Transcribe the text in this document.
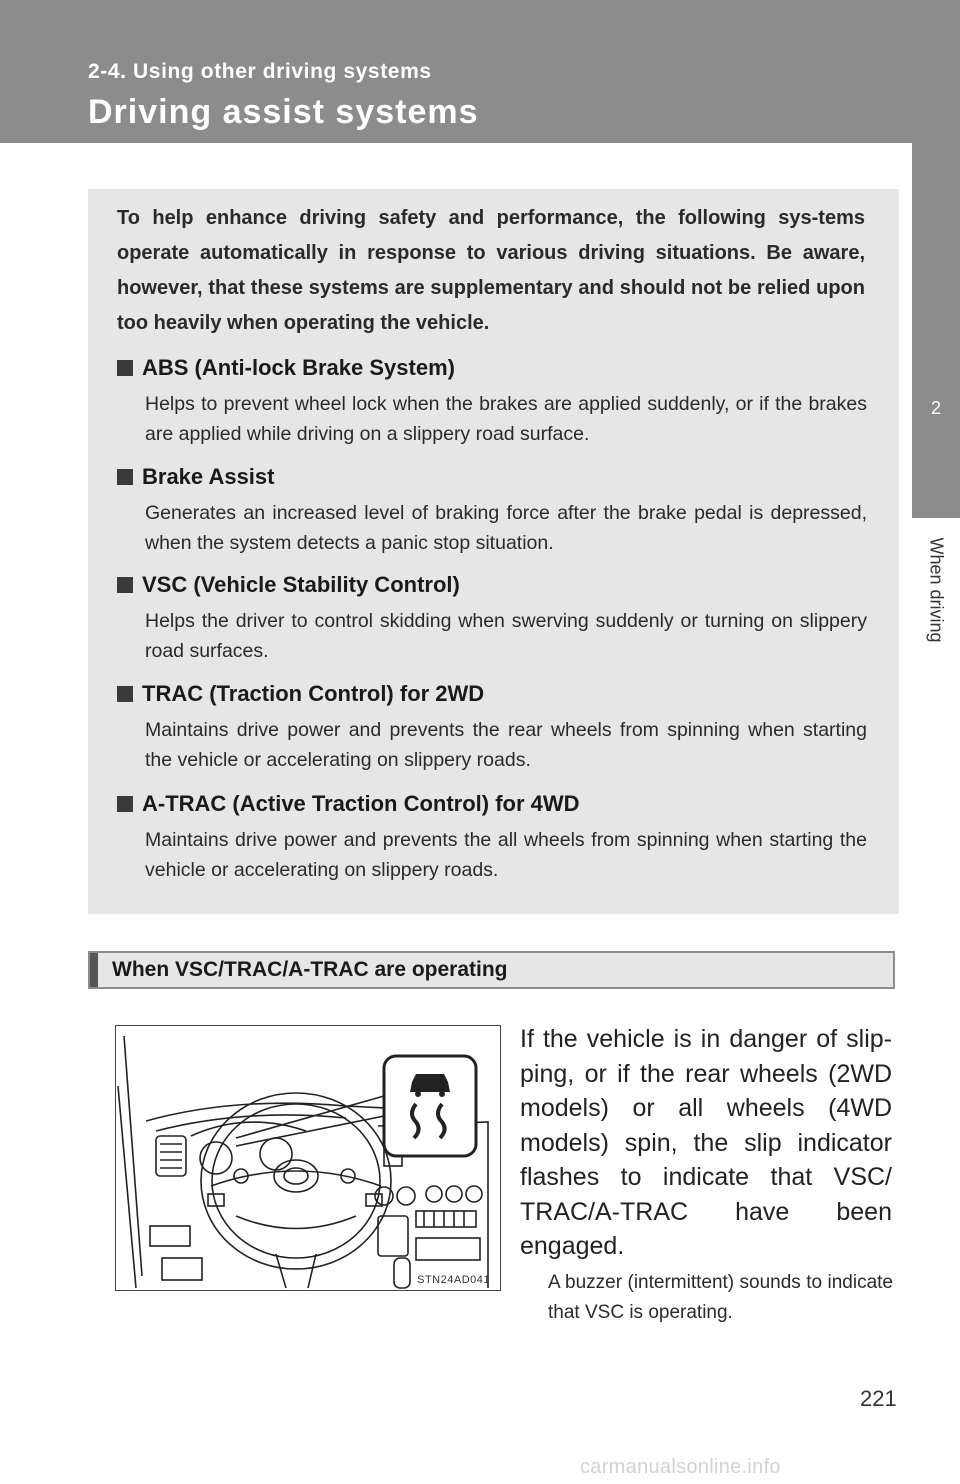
2-4. Using other driving systems
Driving assist systems
2
When driving

To help enhance driving safety and performance, the following sys-tems operate automatically in response to various driving situations. Be aware, however, that these systems are supplementary and should not be relied upon too heavily when operating the vehicle.

ABS (Anti-lock Brake System)
Helps to prevent wheel lock when the brakes are applied suddenly, or if the brakes are applied while driving on a slippery road surface.
Brake Assist
Generates an increased level of braking force after the brake pedal is depressed, when the system detects a panic stop situation.
VSC (Vehicle Stability Control)
Helps the driver to control skidding when swerving suddenly or turning on slippery road surfaces.
TRAC (Traction Control) for 2WD
Maintains drive power and prevents the rear wheels from spinning when starting the vehicle or accelerating on slippery roads.
A-TRAC (Active Traction Control) for 4WD
Maintains drive power and prevents the all wheels from spinning when starting the vehicle or accelerating on slippery roads.
When VSC/TRAC/A-TRAC are operating
STN24AD041
If the vehicle is in danger of slip-ping, or if the rear wheels (2WD models) or all wheels (4WD models) spin, the slip indicator flashes to indicate that VSC/ TRAC/A-TRAC have been engaged.
A buzzer (intermittent) sounds to indicate that VSC is operating.
221
carmanualsonline.info
